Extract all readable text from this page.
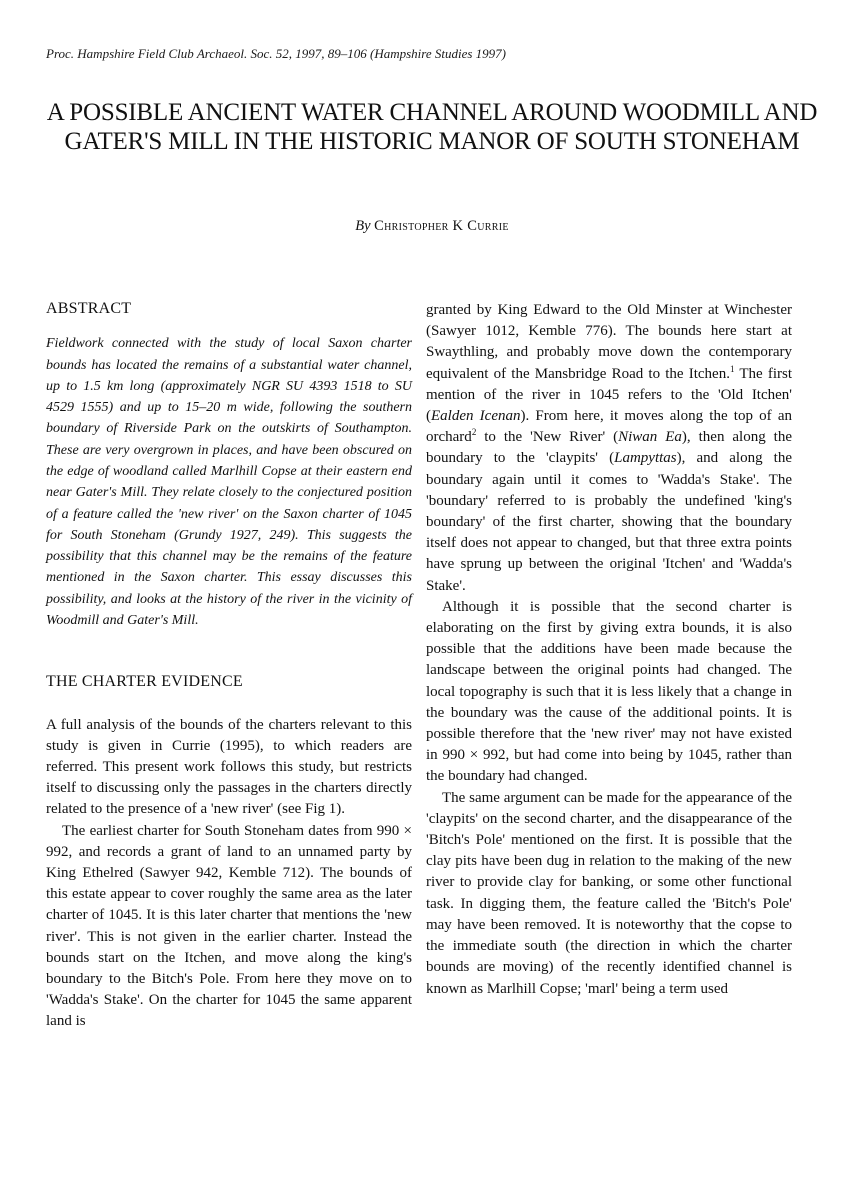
Proc. Hampshire Field Club Archaeol. Soc. 52, 1997, 89–106 (Hampshire Studies 1997)
A POSSIBLE ANCIENT WATER CHANNEL AROUND WOODMILL AND GATER'S MILL IN THE HISTORIC MANOR OF SOUTH STONEHAM
By Christopher K Currie
ABSTRACT

Fieldwork connected with the study of local Saxon charter bounds has located the remains of a substantial water channel, up to 1.5 km long (approximately NGR SU 4393 1518 to SU 4529 1555) and up to 15–20 m wide, following the southern boundary of Riverside Park on the outskirts of Southampton. These are very overgrown in places, and have been obscured on the edge of woodland called Marlhill Copse at their eastern end near Gater's Mill. They relate closely to the conjectured position of a feature called the 'new river' on the Saxon charter of 1045 for South Stoneham (Grundy 1927, 249). This suggests the possibility that this channel may be the remains of the feature mentioned in the Saxon charter. This essay discusses this possibility, and looks at the history of the river in the vicinity of Woodmill and Gater's Mill.

THE CHARTER EVIDENCE

A full analysis of the bounds of the charters relevant to this study is given in Currie (1995), to which readers are referred. This present work follows this study, but restricts itself to discussing only the passages in the charters directly related to the presence of a 'new river' (see Fig 1).

The earliest charter for South Stoneham dates from 990 × 992, and records a grant of land to an unnamed party by King Ethelred (Sawyer 942, Kemble 712). The bounds of this estate appear to cover roughly the same area as the later charter of 1045. It is this later charter that mentions the 'new river'. This is not given in the earlier charter. Instead the bounds start on the Itchen, and move along the king's boundary to the Bitch's Pole. From here they move on to 'Wadda's Stake'. On the charter for 1045 the same apparent land is

granted by King Edward to the Old Minster at Winchester (Sawyer 1012, Kemble 776). The bounds here start at Swaythling, and probably move down the contemporary equivalent of the Mansbridge Road to the Itchen.$^1$ The first mention of the river in 1045 refers to the 'Old Itchen' (Ealden Icenan). From here, it moves along the top of an orchard$^2$ to the 'New River' (Niwan Ea), then along the boundary to the 'claypits' (Lampyttas), and along the boundary again until it comes to 'Wadda's Stake'. The 'boundary' referred to is probably the undefined 'king's boundary' of the first charter, showing that the boundary itself does not appear to changed, but that three extra points have sprung up between the original 'Itchen' and 'Wadda's Stake'.

Although it is possible that the second charter is elaborating on the first by giving extra bounds, it is also possible that the additions have been made because the landscape between the original points had changed. The local topography is such that it is less likely that a change in the boundary was the cause of the additional points. It is possible therefore that the 'new river' may not have existed in 990 × 992, but had come into being by 1045, rather than the boundary had changed.

The same argument can be made for the appearance of the 'claypits' on the second charter, and the disappearance of the 'Bitch's Pole' mentioned on the first. It is possible that the clay pits have been dug in relation to the making of the new river to provide clay for banking, or some other functional task. In digging them, the feature called the 'Bitch's Pole' may have been removed. It is noteworthy that the copse to the immediate south (the direction in which the charter bounds are moving) of the recently identified channel is known as Marlhill Copse; 'marl' being a term used
